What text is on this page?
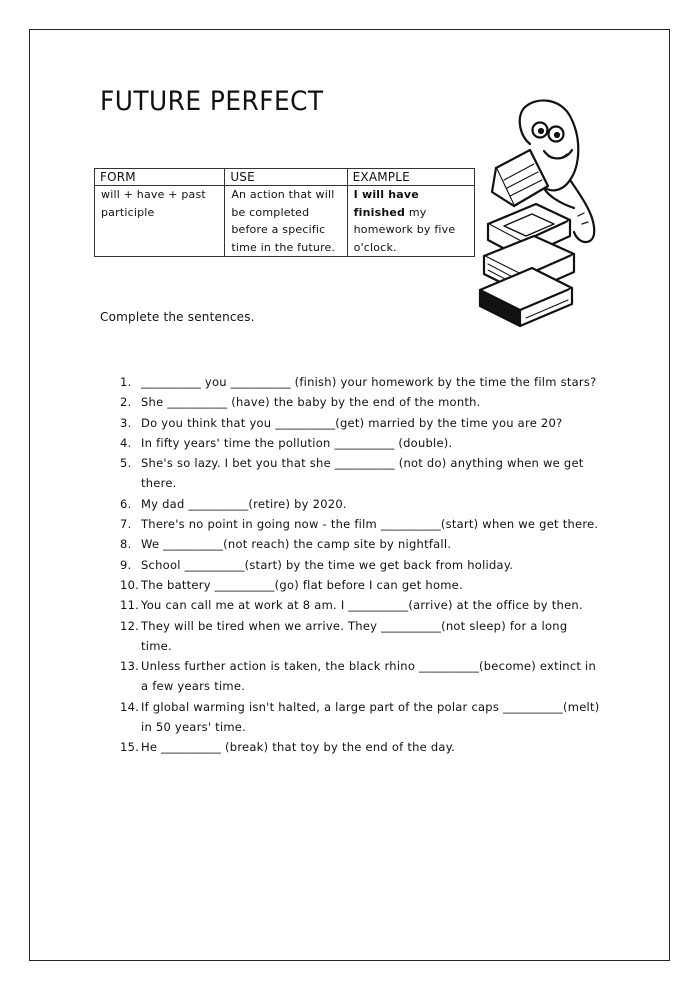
FUTURE PERFECT
FORM	USE	EXAMPLE
will + have + past participle	An action that will be completed before a specific time in the future.	I will have finished my homework by five o'clock.
Complete the sentences.
1. __________ you __________ (finish) your homework by the time the film stars?
2. She __________ (have) the baby by the end of the month.
3. Do you think that you __________(get) married by the time you are 20?
4. In fifty years' time the pollution __________ (double).
5. She's so lazy. I bet you that she __________ (not do) anything when we get there.
6. My dad __________(retire) by 2020.
7. There's no point in going now - the film __________(start) when we get there.
8. We __________(not reach) the camp site by nightfall.
9. School __________(start) by the time we get back from holiday.
10. The battery __________(go) flat before I can get home.
11. You can call me at work at 8 am. I __________(arrive) at the office by then.
12. They will be tired when we arrive. They __________(not sleep) for a long time.
13. Unless further action is taken, the black rhino __________(become) extinct in a few years time.
14. If global warming isn't halted, a large part of the polar caps __________(melt) in 50 years' time.
15. He __________ (break) that toy by the end of the day.
